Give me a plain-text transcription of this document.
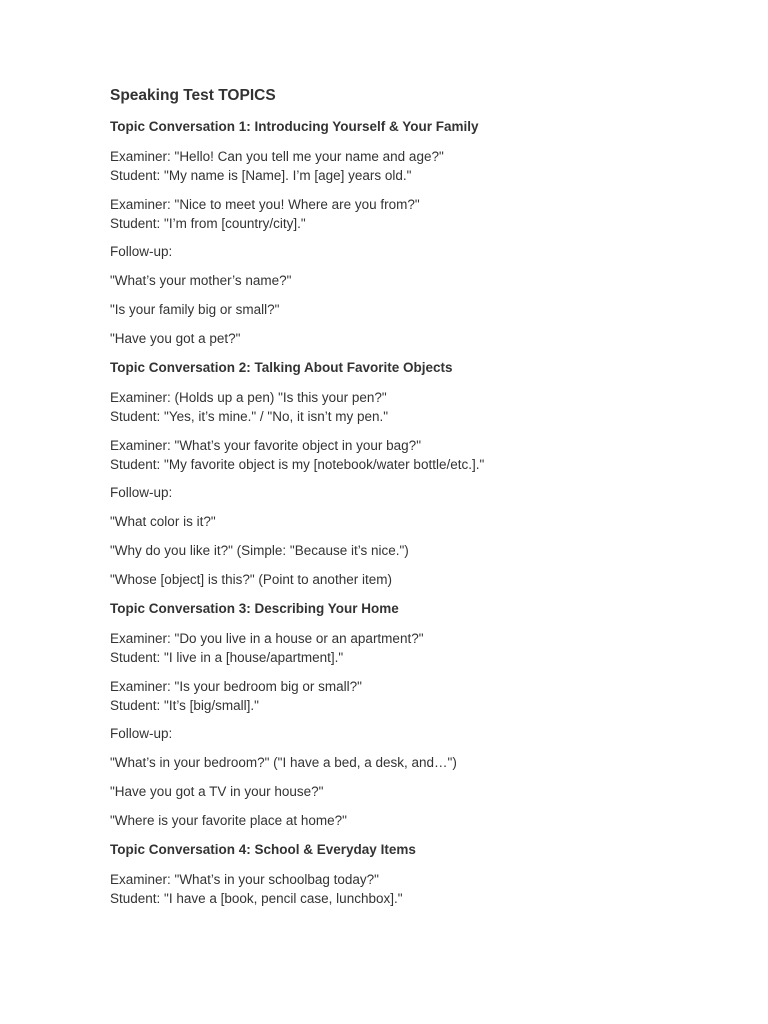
Speaking Test TOPICS
Topic Conversation 1: Introducing Yourself & Your Family
Examiner: "Hello! Can you tell me your name and age?"
Student: "My name is [Name]. I’m [age] years old."
Examiner: "Nice to meet you! Where are you from?"
Student: "I’m from [country/city]."
Follow-up:
"What’s your mother’s name?"
"Is your family big or small?"
"Have you got a pet?"
Topic Conversation 2: Talking About Favorite Objects
Examiner: (Holds up a pen) "Is this your pen?"
Student: "Yes, it’s mine." / "No, it isn’t my pen."
Examiner: "What’s your favorite object in your bag?"
Student: "My favorite object is my [notebook/water bottle/etc.]."
Follow-up:
"What color is it?"
"Why do you like it?" (Simple: "Because it’s nice.")
"Whose [object] is this?" (Point to another item)
Topic Conversation 3: Describing Your Home
Examiner: "Do you live in a house or an apartment?"
Student: "I live in a [house/apartment]."
Examiner: "Is your bedroom big or small?"
Student: "It’s [big/small]."
Follow-up:
"What’s in your bedroom?" ("I have a bed, a desk, and…")
"Have you got a TV in your house?"
"Where is your favorite place at home?"
Topic Conversation 4: School & Everyday Items
Examiner: "What’s in your schoolbag today?"
Student: "I have a [book, pencil case, lunchbox]."
